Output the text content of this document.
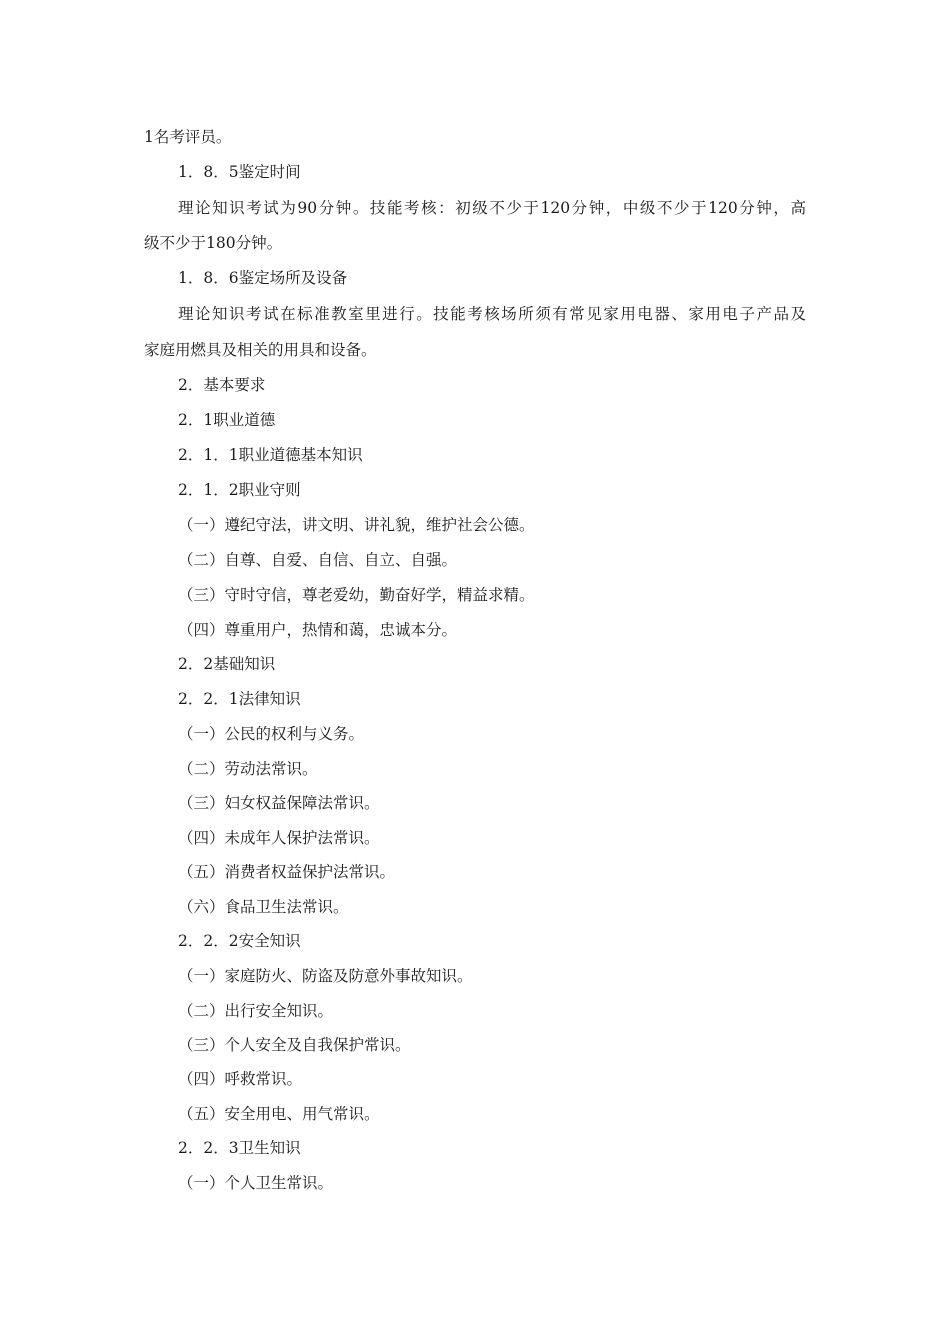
1名考评员。
1．8．5鉴定时间
理论知识考试为90分钟。技能考核：初级不少于120分钟，中级不少于120分钟，高
级不少于180分钟。
1．8．6鉴定场所及设备
理论知识考试在标准教室里进行。技能考核场所须有常见家用电器、家用电子产品及
家庭用燃具及相关的用具和设备。
2．基本要求
2．1职业道德
2．1．1职业道德基本知识
2．1．2职业守则
（一）遵纪守法，讲文明、讲礼貌，维护社会公德。
（二）自尊、自爱、自信、自立、自强。
（三）守时守信，尊老爱幼，勤奋好学，精益求精。
（四）尊重用户，热情和蔼，忠诚本分。
2．2基础知识
2．2．1法律知识
（一）公民的权利与义务。
（二）劳动法常识。
（三）妇女权益保障法常识。
（四）未成年人保护法常识。
（五）消费者权益保护法常识。
（六）食品卫生法常识。
2．2．2安全知识
（一）家庭防火、防盗及防意外事故知识。
（二）出行安全知识。
（三）个人安全及自我保护常识。
（四）呼救常识。
（五）安全用电、用气常识。
2．2．3卫生知识
（一）个人卫生常识。
